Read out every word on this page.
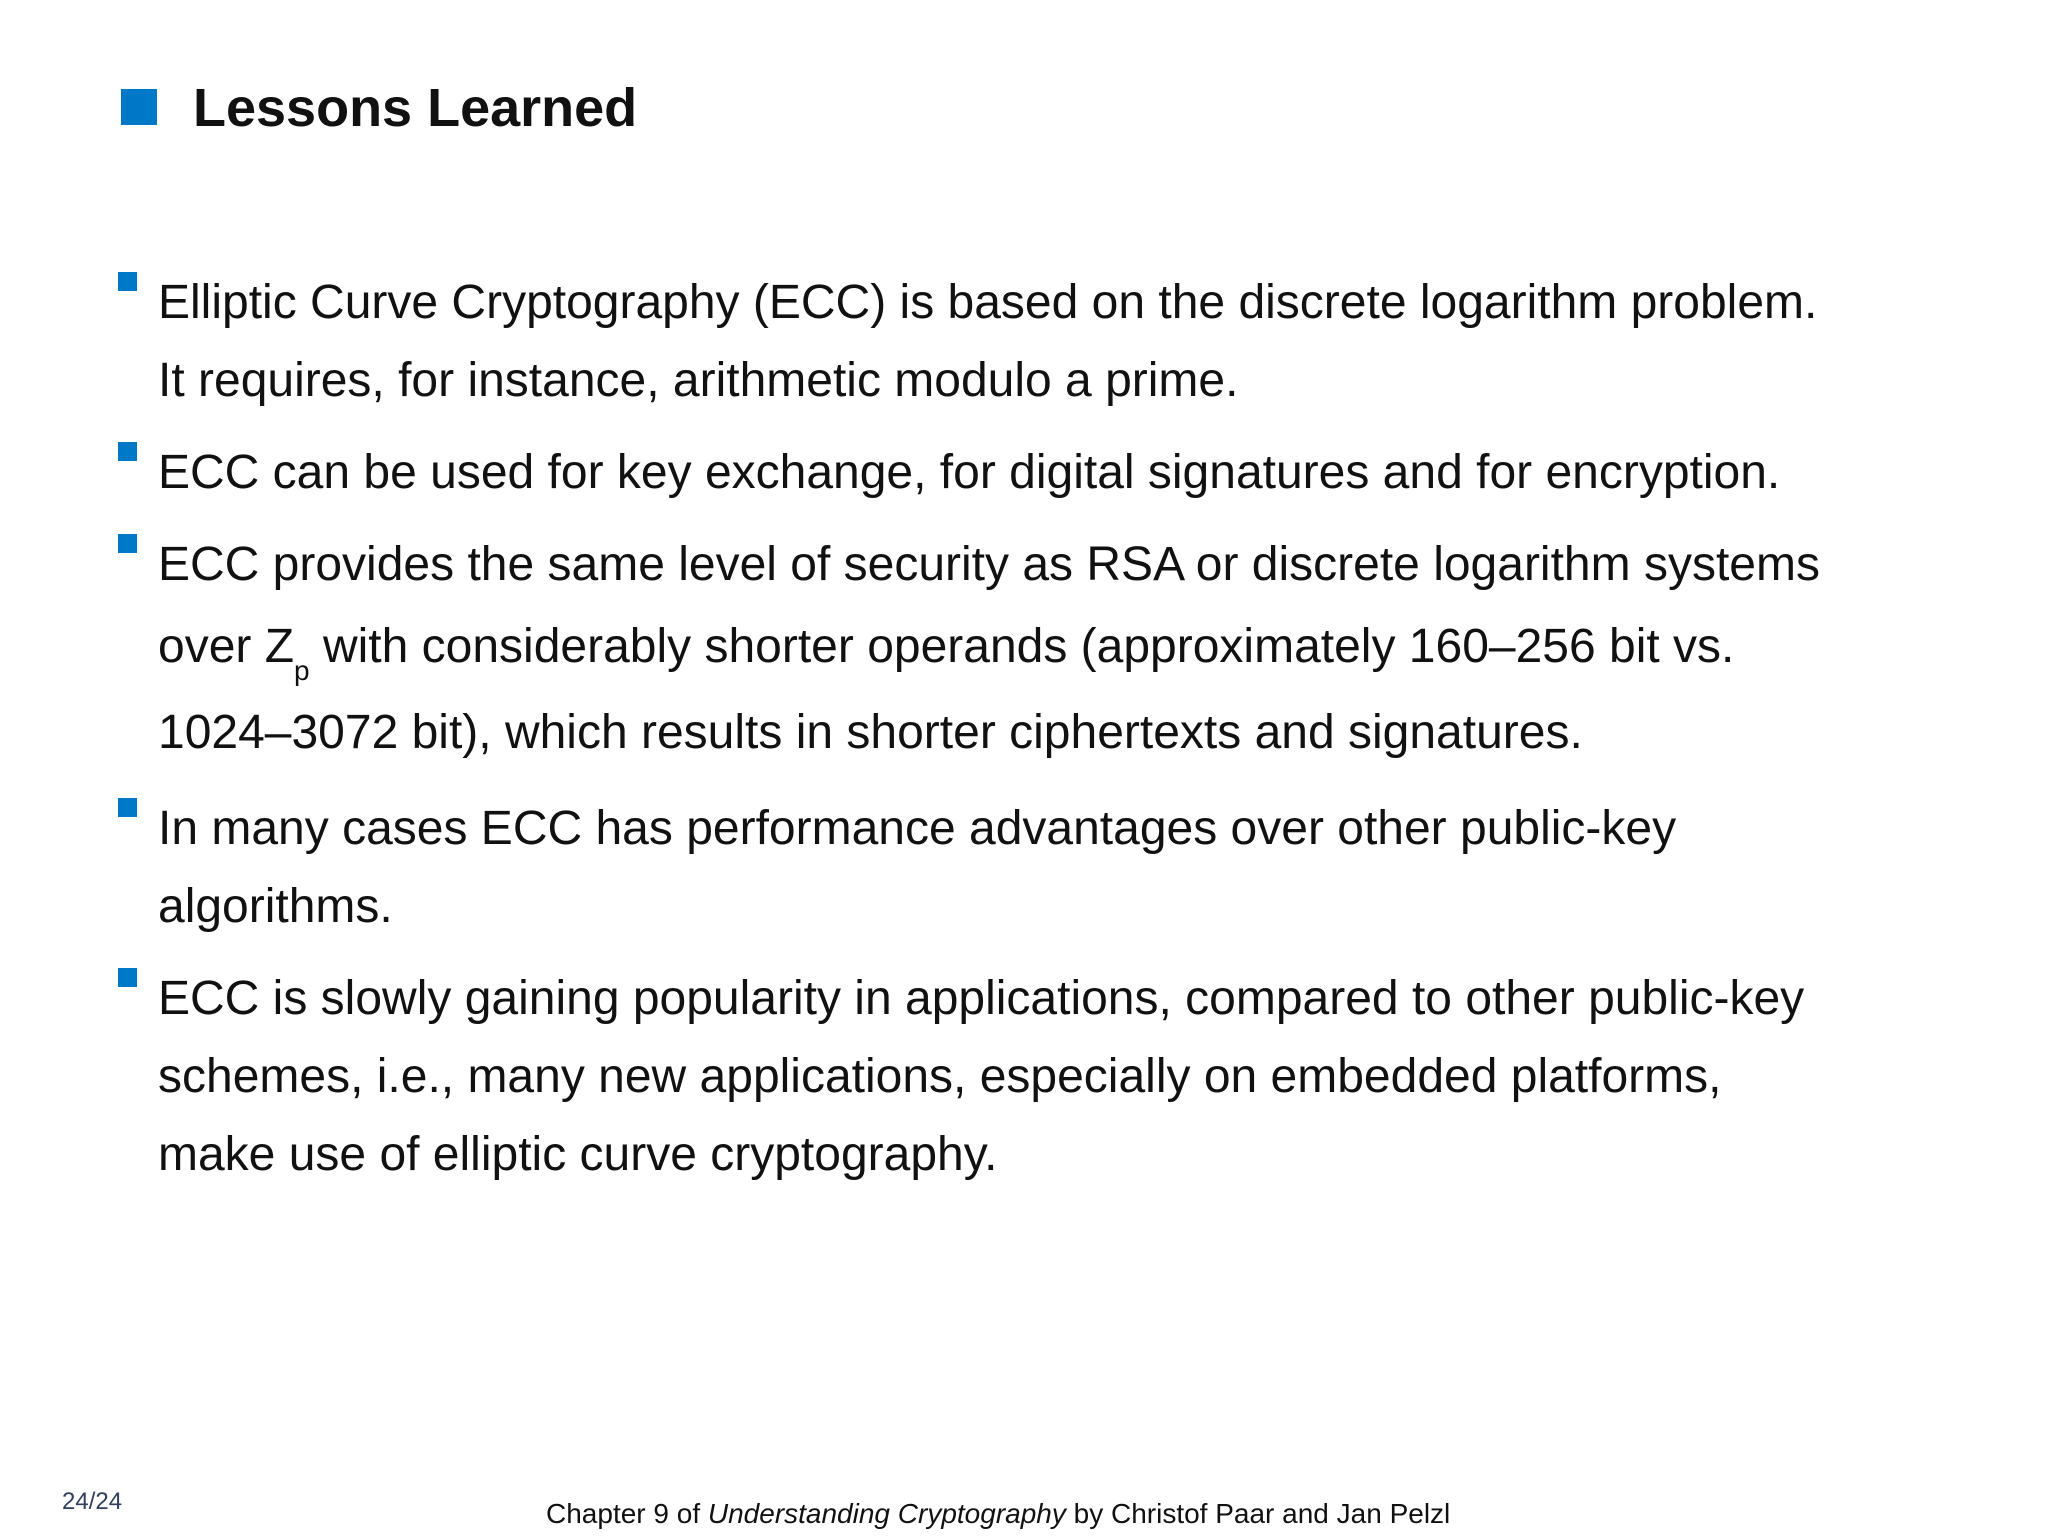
Lessons Learned
Elliptic Curve Cryptography (ECC) is based on the discrete logarithm problem.
It requires, for instance, arithmetic modulo a prime.
ECC can be used for key exchange, for digital signatures and for encryption.
ECC provides the same level of security as RSA or discrete logarithm systems
over $Z_p$ with considerably shorter operands (approximately 160–256 bit vs.
1024–3072 bit), which results in shorter ciphertexts and signatures.
In many cases ECC has performance advantages over other public-key
algorithms.
ECC is slowly gaining popularity in applications, compared to other public-key
schemes, i.e., many new applications, especially on embedded platforms,
make use of elliptic curve cryptography.
24/24	Chapter 9 of Understanding Cryptography by Christof Paar and Jan Pelzl
